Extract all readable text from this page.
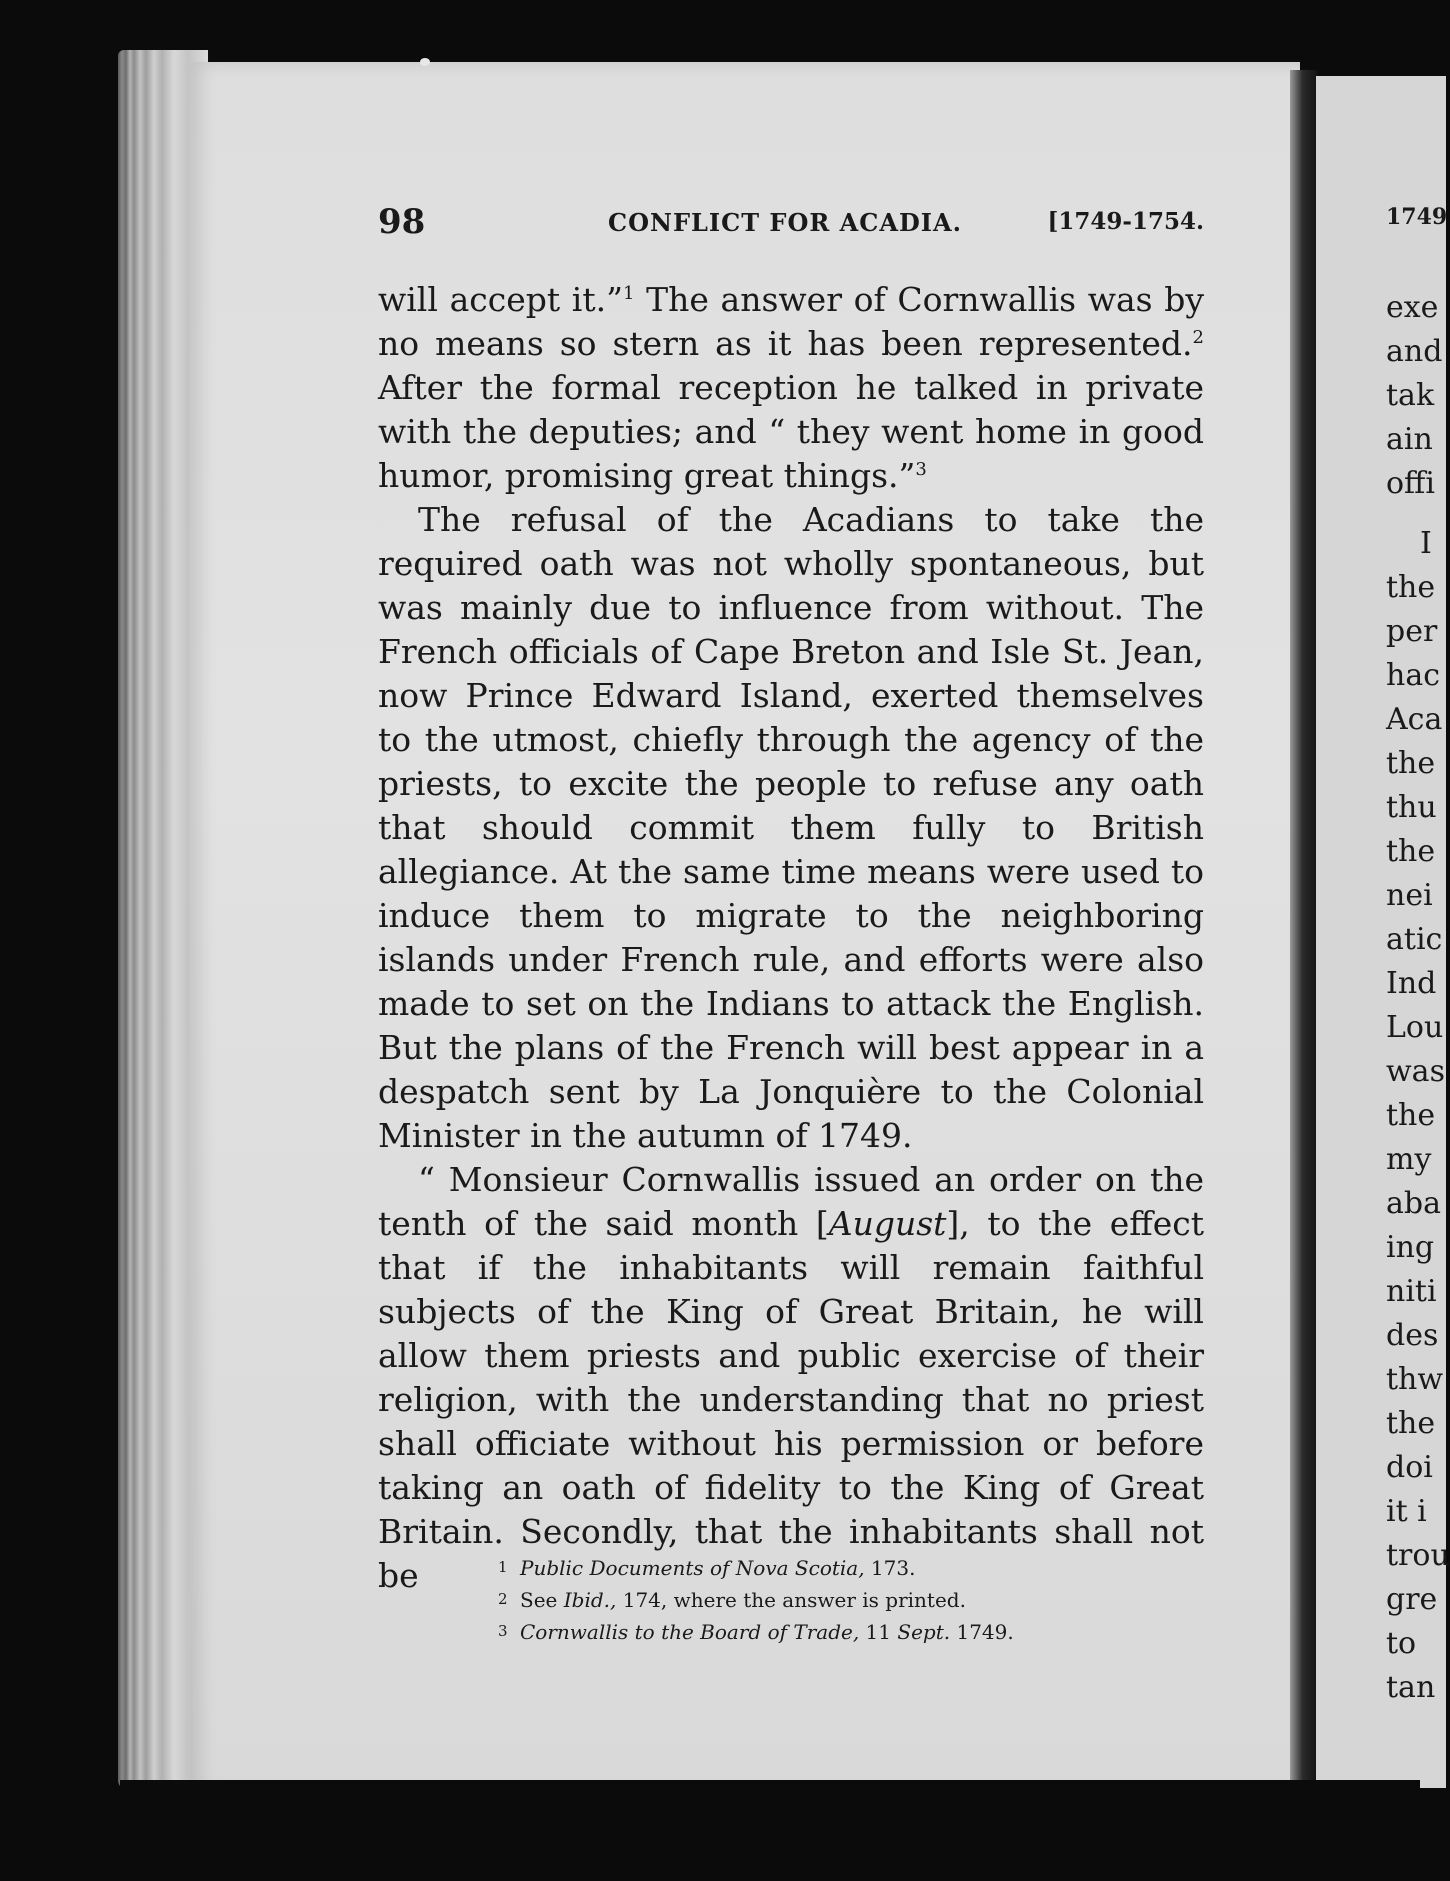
98	CONFLICT FOR ACADIA.	[1749-1754.

will accept it.”$^1$ The answer of Cornwallis was by no means so stern as it has been represented.$^2$ After the formal reception he talked in private with the deputies; and “ they went home in good humor, promising great things.”$^3$

The refusal of the Acadians to take the required oath was not wholly spontaneous, but was mainly due to influence from without. The French officials of Cape Breton and Isle St. Jean, now Prince Edward Island, exerted themselves to the utmost, chiefly through the agency of the priests, to excite the people to refuse any oath that should commit them fully to British allegiance. At the same time means were used to induce them to migrate to the neighboring islands under French rule, and efforts were also made to set on the Indians to attack the English. But the plans of the French will best appear in a despatch sent by La Jonquière to the Colonial Minister in the autumn of 1749.

“ Monsieur Cornwallis issued an order on the tenth of the said month [August], to the effect that if the inhabitants will remain faithful subjects of the King of Great Britain, he will allow them priests and public exercise of their religion, with the understanding that no priest shall officiate without his permission or before taking an oath of fidelity to the King of Great Britain. Secondly, that the inhabitants shall not be	1 Public Documents of Nova Scotia, 173.
2 See Ibid., 174, where the answer is printed.
3 Cornwallis to the Board of Trade, 11 Sept. 1749.
1749
exe
and
tak
ain
offi
I
the
per
hac
Aca
the
thu
the
nei
atic
Ind
Lou
was
the
my
aba
ing
niti
des
thw
the
doi
it i
trou
gre
to
tan
